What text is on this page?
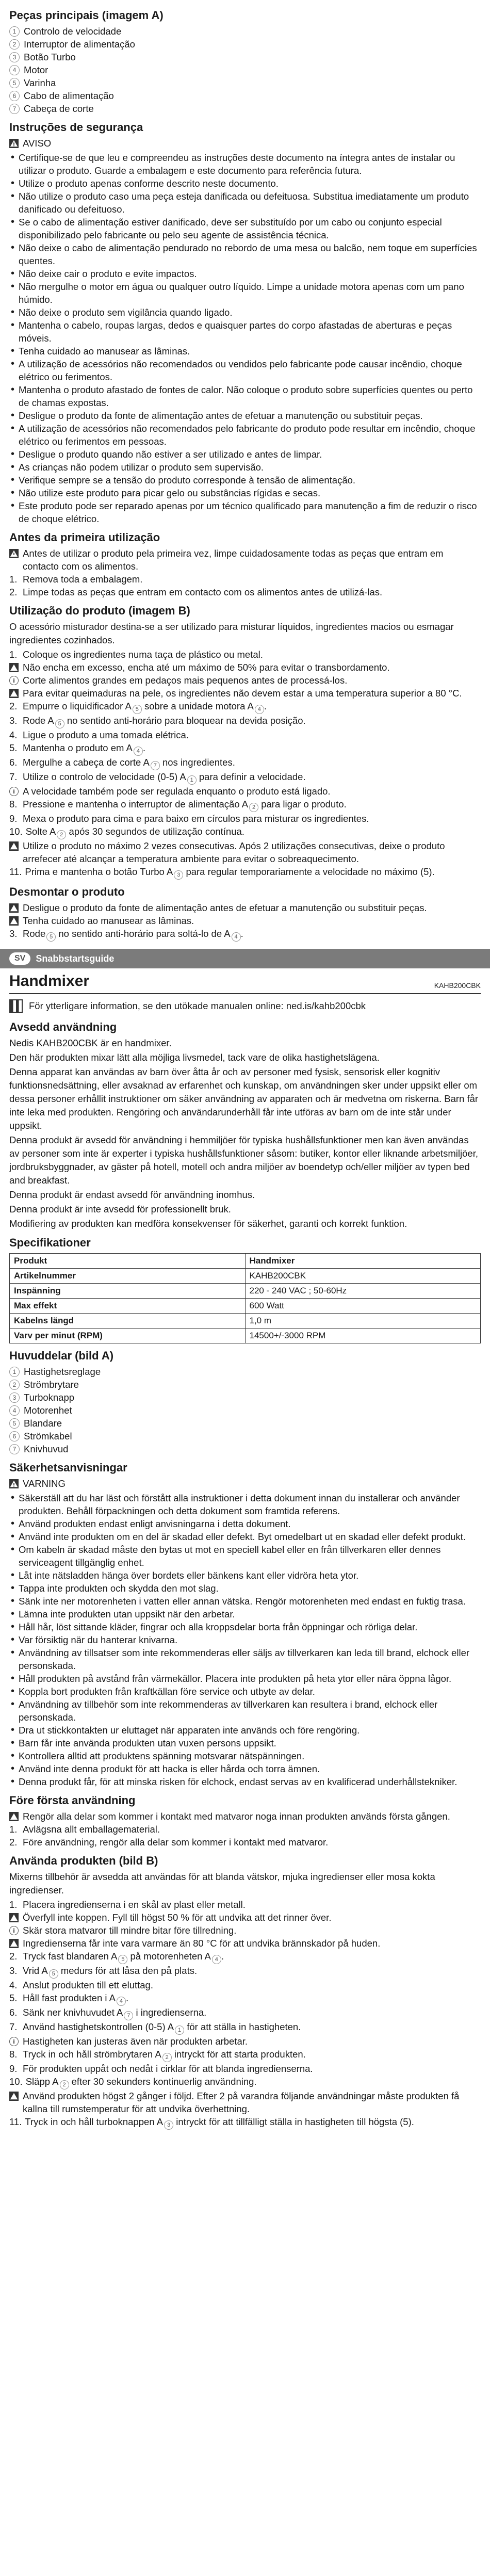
Peças principais (imagem A)
1 Controlo de velocidade
2 Interruptor de alimentação
3 Botão Turbo
4 Motor
5 Varinha
6 Cabo de alimentação
7 Cabeça de corte
Instruções de segurança
AVISO
• Certifique-se de que leu e compreendeu as instruções deste documento na íntegra antes de instalar ou utilizar o produto. Guarde a embalagem e este documento para referência futura.
• Utilize o produto apenas conforme descrito neste documento.
• Não utilize o produto caso uma peça esteja danificada ou defeituosa. Substitua imediatamente um produto danificado ou defeituoso.
• Se o cabo de alimentação estiver danificado, deve ser substituído por um cabo ou conjunto especial disponibilizado pelo fabricante ou pelo seu agente de assistência técnica.
• Não deixe o cabo de alimentação pendurado no rebordo de uma mesa ou balcão, nem toque em superfícies quentes.
• Não deixe cair o produto e evite impactos.
• Não mergulhe o motor em água ou qualquer outro líquido. Limpe a unidade motora apenas com um pano húmido.
• Não deixe o produto sem vigilância quando ligado.
• Mantenha o cabelo, roupas largas, dedos e quaisquer partes do corpo afastadas de aberturas e peças móveis.
• Tenha cuidado ao manusear as lâminas.
• A utilização de acessórios não recomendados ou vendidos pelo fabricante pode causar incêndio, choque elétrico ou ferimentos.
• Mantenha o produto afastado de fontes de calor. Não coloque o produto sobre superfícies quentes ou perto de chamas expostas.
• Desligue o produto da fonte de alimentação antes de efetuar a manutenção ou substituir peças.
• A utilização de acessórios não recomendados pelo fabricante do produto pode resultar em incêndio, choque elétrico ou ferimentos em pessoas.
• Desligue o produto quando não estiver a ser utilizado e antes de limpar.
• As crianças não podem utilizar o produto sem supervisão.
• Verifique sempre se a tensão do produto corresponde à tensão de alimentação.
• Não utilize este produto para picar gelo ou substâncias rígidas e secas.
• Este produto pode ser reparado apenas por um técnico qualificado para manutenção a fim de reduzir o risco de choque elétrico.
Antes da primeira utilização
Antes de utilizar o produto pela primeira vez, limpe cuidadosamente todas as peças que entram em contacto com os alimentos.
1. Remova toda a embalagem.
2. Limpe todas as peças que entram em contacto com os alimentos antes de utilizá-las.
Utilização do produto (imagem B)

O acessório misturador destina-se a ser utilizado para misturar líquidos, ingredientes macios ou esmagar ingredientes cozinhados.

1. Coloque os ingredientes numa taça de plástico ou metal.
Não encha em excesso, encha até um máximo de 50% para evitar o transbordamento.
i Corte alimentos grandes em pedaços mais pequenos antes de processá-los.
Para evitar queimaduras na pele, os ingredientes não devem estar a uma temperatura superior a 80 °C.
2. Empurre o liquidificador A 5 sobre a unidade motora A 4 .
3. Rode A 5 no sentido anti-horário para bloquear na devida posição.
4. Ligue o produto a uma tomada elétrica.
5. Mantenha o produto em A 4 .
6. Mergulhe a cabeça de corte A 7 nos ingredientes.
7. Utilize o controlo de velocidade (0-5) A 1 para definir a velocidade.
i A velocidade também pode ser regulada enquanto o produto está ligado.
8. Pressione e mantenha o interruptor de alimentação A 2 para ligar o produto.
9. Mexa o produto para cima e para baixo em círculos para misturar os ingredientes.
10. Solte A 2 após 30 segundos de utilização contínua.
Utilize o produto no máximo 2 vezes consecutivas. Após 2 utilizações consecutivas, deixe o produto arrefecer até alcançar a temperatura ambiente para evitar o sobreaquecimento.
11. Prima e mantenha o botão Turbo A 3 para regular temporariamente a velocidade no máximo (5).
Desmontar o produto
Desligue o produto da fonte de alimentação antes de efetuar a manutenção ou substituir peças.
Tenha cuidado ao manusear as lâminas.
3. Rode 5 no sentido anti-horário para soltá-lo de A 4 .
SV	Snabbstartsguide
Handmixer	KAHB200CBK
För ytterligare information, se den utökade manualen online: ned.is/kahb200cbk
Avsedd användning

Nedis KAHB200CBK är en handmixer.

Den här produkten mixar lätt alla möjliga livsmedel, tack vare de olika hastighetslägena.

Denna apparat kan användas av barn över åtta år och av personer med fysisk, sensorisk eller kognitiv funktionsnedsättning, eller avsaknad av erfarenhet och kunskap, om användningen sker under uppsikt eller om dessa personer erhållit instruktioner om säker användning av apparaten och är medvetna om riskerna. Barn får inte leka med produkten. Rengöring och användarunderhåll får inte utföras av barn om de inte står under uppsikt.

Denna produkt är avsedd för användning i hemmiljöer för typiska hushållsfunktioner men kan även användas av personer som inte är experter i typiska hushållsfunktioner såsom: butiker, kontor eller liknande arbetsmiljöer, jordbruksbyggnader, av gäster på hotell, motell och andra miljöer av boendetyp och/eller miljöer av typen bed and breakfast.

Denna produkt är endast avsedd för användning inomhus.

Denna produkt är inte avsedd för professionellt bruk.

Modifiering av produkten kan medföra konsekvenser för säkerhet, garanti och korrekt funktion.

Specifikationer
Produkt	Handmixer
Artikelnummer	KAHB200CBK
Inspänning	220 - 240 VAC ; 50-60Hz
Max effekt	600 Watt
Kabelns längd	1,0 m
Varv per minut (RPM)	14500+/-3000 RPM
Huvuddelar (bild A)
1 Hastighetsreglage
2 Strömbrytare
3 Turboknapp
4 Motorenhet
5 Blandare
6 Strömkabel
7 Knivhuvud
Säkerhetsanvisningar
VARNING
• Säkerställ att du har läst och förstått alla instruktioner i detta dokument innan du installerar och använder produkten. Behåll förpackningen och detta dokument som framtida referens.
• Använd produkten endast enligt anvisningarna i detta dokument.
• Använd inte produkten om en del är skadad eller defekt. Byt omedelbart ut en skadad eller defekt produkt.
• Om kabeln är skadad måste den bytas ut mot en speciell kabel eller en från tillverkaren eller dennes serviceagent tillgänglig enhet.
• Låt inte nätsladden hänga över bordets eller bänkens kant eller vidröra heta ytor.
• Tappa inte produkten och skydda den mot slag.
• Sänk inte ner motorenheten i vatten eller annan vätska. Rengör motorenheten med endast en fuktig trasa.
• Lämna inte produkten utan uppsikt när den arbetar.
• Håll hår, löst sittande kläder, fingrar och alla kroppsdelar borta från öppningar och rörliga delar.
• Var försiktig när du hanterar knivarna.
• Användning av tillsatser som inte rekommenderas eller säljs av tillverkaren kan leda till brand, elchock eller personskada.
• Håll produkten på avstånd från värmekällor. Placera inte produkten på heta ytor eller nära öppna lågor.
• Koppla bort produkten från kraftkällan före service och utbyte av delar.
• Användning av tillbehör som inte rekommenderas av tillverkaren kan resultera i brand, elchock eller personskada.
• Dra ut stickkontakten ur eluttaget när apparaten inte används och före rengöring.
• Barn får inte använda produkten utan vuxen persons uppsikt.
• Kontrollera alltid att produktens spänning motsvarar nätspänningen.
• Använd inte denna produkt för att hacka is eller hårda och torra ämnen.
• Denna produkt får, för att minska risken för elchock, endast servas av en kvalificerad underhållstekniker.
Före första användning
Rengör alla delar som kommer i kontakt med matvaror noga innan produkten används första gången.
1. Avlägsna allt emballagematerial.
2. Före användning, rengör alla delar som kommer i kontakt med matvaror.
Använda produkten (bild B)

Mixerns tillbehör är avsedda att användas för att blanda vätskor, mjuka ingredienser eller mosa kokta ingredienser.

1. Placera ingredienserna i en skål av plast eller metall.
Överfyll inte koppen. Fyll till högst 50 % för att undvika att det rinner över.
i Skär stora matvaror till mindre bitar före tillredning.
Ingredienserna får inte vara varmare än 80 °C för att undvika brännskador på huden.
2. Tryck fast blandaren A 5 på motorenheten A 4 .
3. Vrid A 5 medurs för att låsa den på plats.
4. Anslut produkten till ett eluttag.
5. Håll fast produkten i A 4 .
6. Sänk ner knivhuvudet A 7 i ingredienserna.
7. Använd hastighetskontrollen (0-5) A 1 för att ställa in hastigheten.
i Hastigheten kan justeras även när produkten arbetar.
8. Tryck in och håll strömbrytaren A 2 intryckt för att starta produkten.
9. För produkten uppåt och nedåt i cirklar för att blanda ingredienserna.
10. Släpp A 2 efter 30 sekunders kontinuerlig användning.
Använd produkten högst 2 gånger i följd. Efter 2 på varandra följande användningar måste produkten få kallna till rumstemperatur för att undvika överhettning.
11. Tryck in och håll turboknappen A 3 intryckt för att tillfälligt ställa in hastigheten till högsta (5).
